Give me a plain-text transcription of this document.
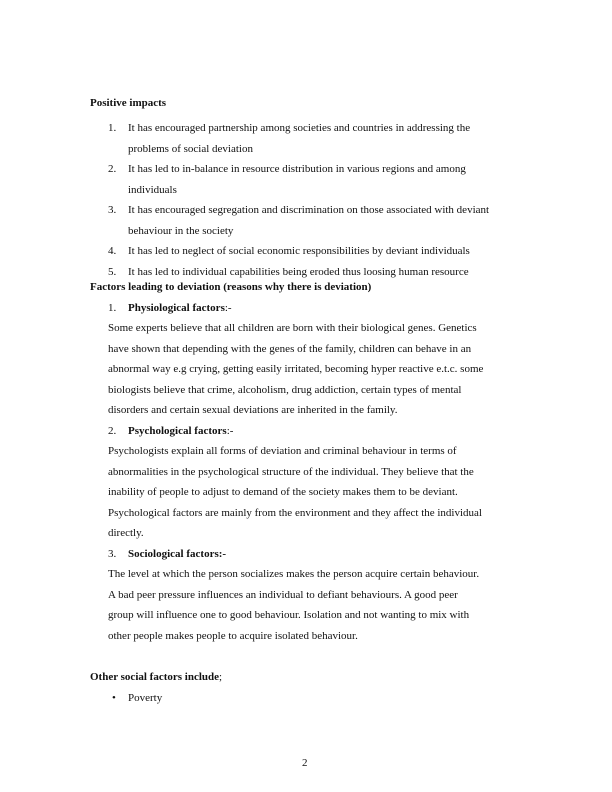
Positive impacts
1. It has encouraged partnership among societies and countries in addressing the
problems of social deviation
2. It has led to in-balance in resource distribution in various regions and among
individuals
3. It has encouraged segregation and discrimination on those associated with deviant
behaviour in the society
4. It has led to neglect of social economic responsibilities by deviant individuals
5. It has led to individual capabilities being eroded thus loosing human resource
Factors leading to deviation (reasons why there is deviation)
1. Physiological factors:-
Some experts believe that all children are born with their biological genes. Genetics
have shown that depending with the genes of the family, children can behave in an
abnormal way e.g crying, getting easily irritated, becoming hyper reactive e.t.c. some
biologists believe that crime, alcoholism, drug addiction, certain types of mental
disorders and certain sexual deviations are inherited in the family.
2. Psychological factors:-
Psychologists explain all forms of deviation and criminal behaviour in terms of
abnormalities in the psychological structure of the individual. They believe that the
inability of people to adjust to demand of the society makes them to be deviant.
Psychological factors are mainly from the environment and they affect the individual
directly.
3. Sociological factors:-
The level at which the person socializes makes the person acquire certain behaviour.
A bad peer pressure influences an individual to defiant behaviours. A good peer
group will influence one to good behaviour. Isolation and not wanting to mix with
other people makes people to acquire isolated behaviour.
Other social factors include;
• Poverty
2
